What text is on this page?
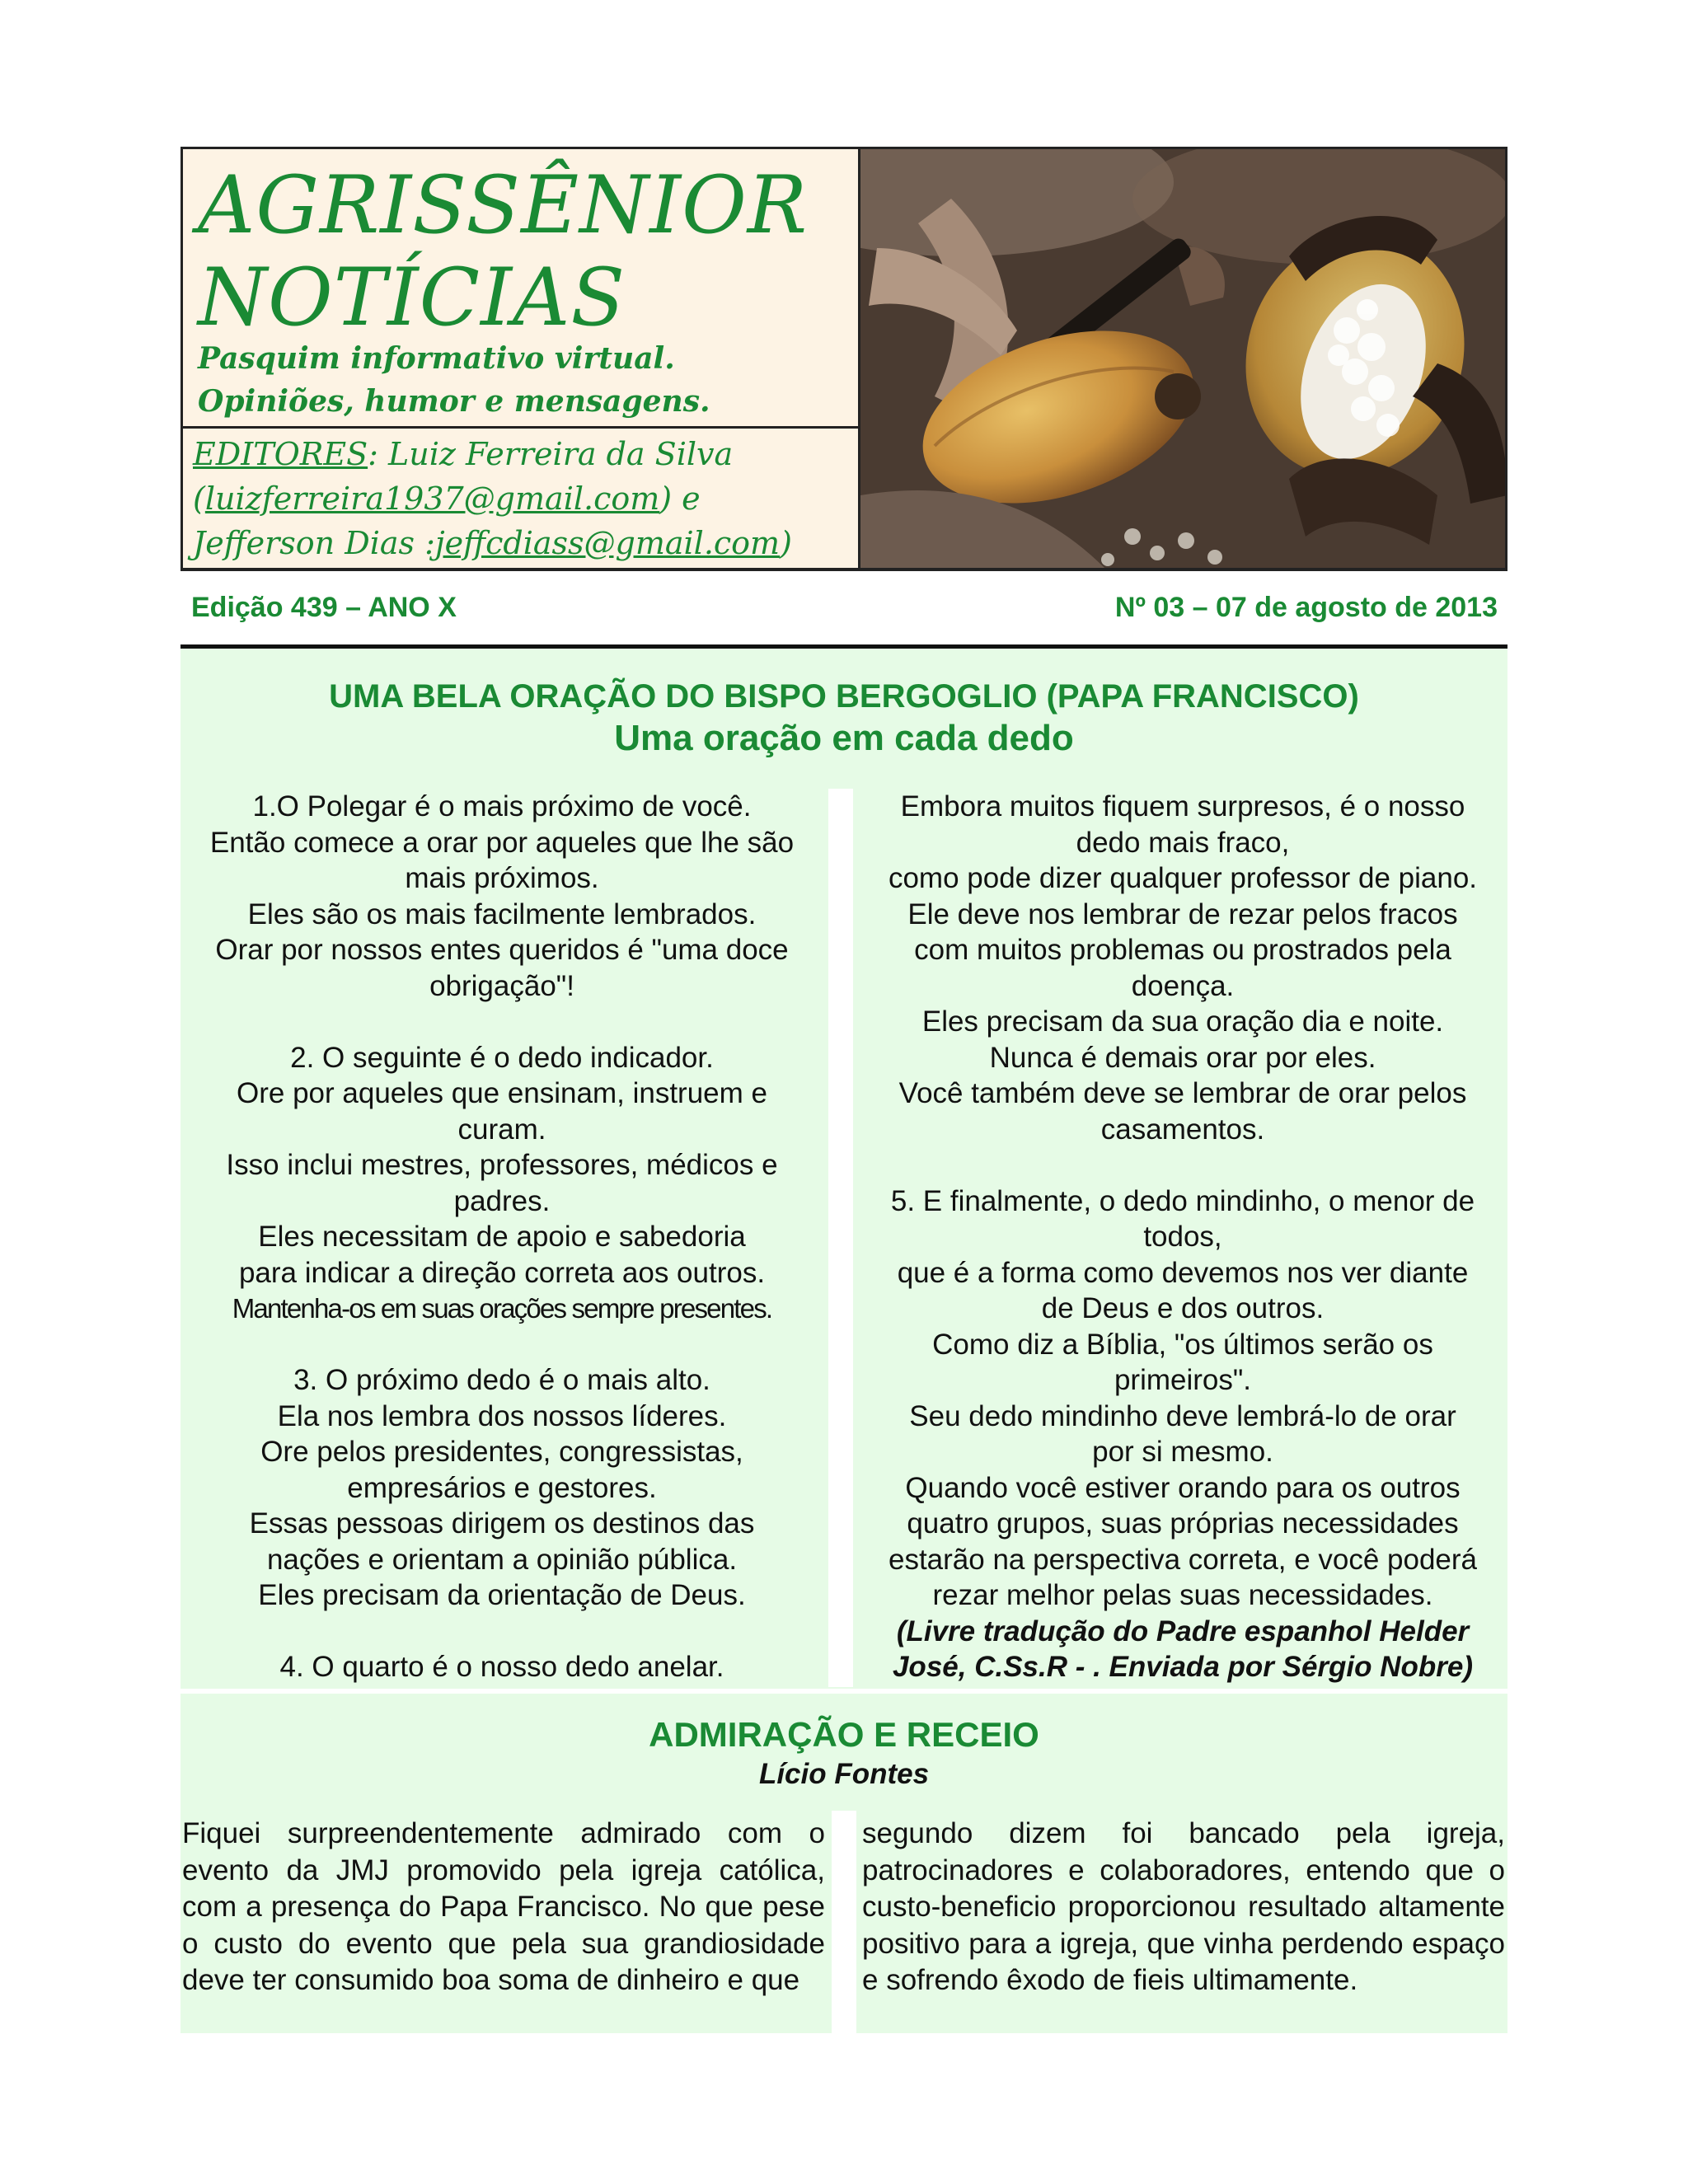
AGRISSÊNIOR
NOTÍCIAS
Pasquim informativo virtual.
Opiniões, humor e mensagens.
EDITORES: Luiz Ferreira da Silva
(luizferreira1937@gmail.com) e
Jefferson Dias :jeffcdiass@gmail.com)
Edição 439 – ANO X	Nº 03 – 07 de agosto de 2013
UMA BELA ORAÇÃO DO BISPO BERGOGLIO (PAPA FRANCISCO)
Uma oração em cada dedo

1.O Polegar é o mais próximo de você.

Então comece a orar por aqueles que lhe são

mais próximos.

Eles são os mais facilmente lembrados.

Orar por nossos entes queridos é "uma doce

obrigação"!

2. O seguinte é o dedo indicador.

Ore por aqueles que ensinam, instruem e

curam.

Isso inclui mestres, professores, médicos e

padres.

Eles necessitam de apoio e sabedoria

para indicar a direção correta aos outros.

Mantenha-os em suas orações sempre presentes.

3. O próximo dedo é o mais alto.

Ela nos lembra dos nossos líderes.

Ore pelos presidentes, congressistas,

empresários e gestores.

Essas pessoas dirigem os destinos das

nações e orientam a opinião pública.

Eles precisam da orientação de Deus.

4. O quarto é o nosso dedo anelar.

Embora muitos fiquem surpresos, é o nosso

dedo mais fraco,

como pode dizer qualquer professor de piano.

Ele deve nos lembrar de rezar pelos fracos

com muitos problemas ou prostrados pela

doença.

Eles precisam da sua oração dia e noite.

Nunca é demais orar por eles.

Você também deve se lembrar de orar pelos

casamentos.

5. E finalmente, o dedo mindinho, o menor de

todos,

que é a forma como devemos nos ver diante

de Deus e dos outros.

Como diz a Bíblia, "os últimos serão os

primeiros".

Seu dedo mindinho deve lembrá-lo de orar

por si mesmo.

Quando você estiver orando para os outros

quatro grupos, suas próprias necessidades

estarão na perspectiva correta, e você poderá

rezar melhor pelas suas necessidades.

(Livre tradução do Padre espanhol Helder

José, C.Ss.R - . Enviada por Sérgio Nobre)

ADMIRAÇÃO E RECEIO
Lício Fontes

Fiquei surpreendentemente admirado com o evento da JMJ promovido pela igreja católica, com a presença do Papa Francisco. No que pese o custo do evento que pela sua grandiosidade deve ter consumido boa soma de dinheiro e que

segundo dizem foi bancado pela igreja, patrocinadores e colaboradores, entendo que o custo-beneficio proporcionou resultado altamente positivo para a igreja, que vinha perdendo espaço e sofrendo êxodo de fieis ultimamente.
